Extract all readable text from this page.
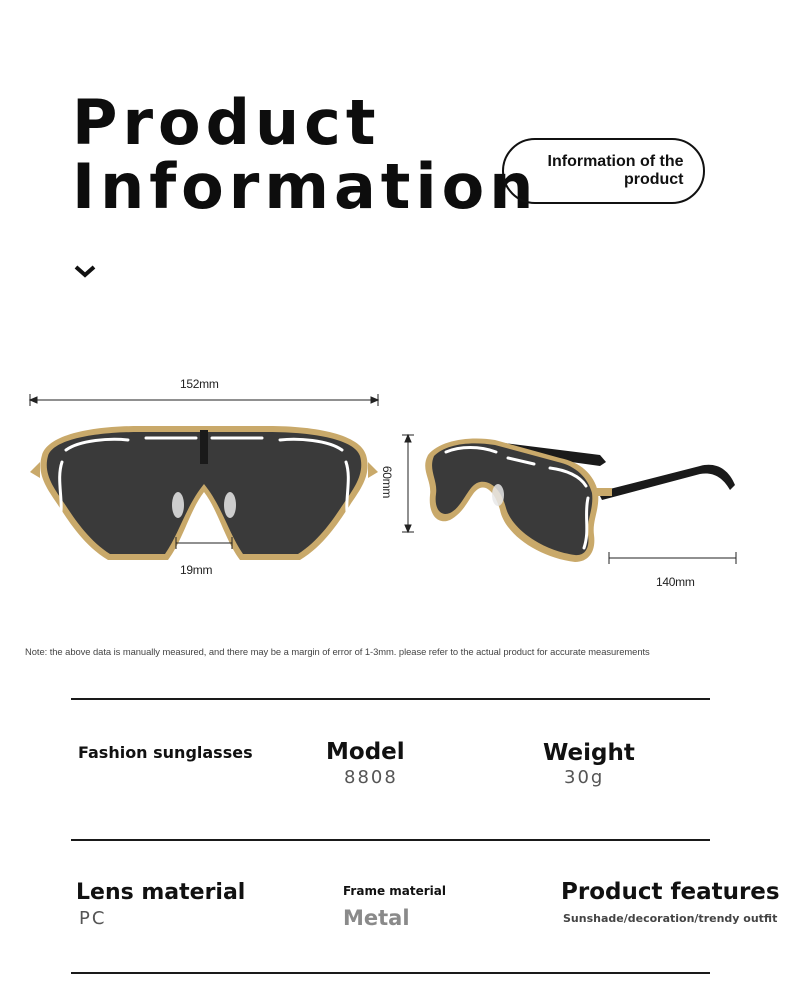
Product
Information Information of the product
152mm
19mm
60mm
140mm
Note: the above data is manually measured, and there may be a margin of error of 1-3mm. please refer to the actual product for accurate measurements
Fashion sunglasses	Model
8808
Weight
30g
Lens material
PC
Frame material
Metal
Product features
Sunshade/decoration/trendy outfit
